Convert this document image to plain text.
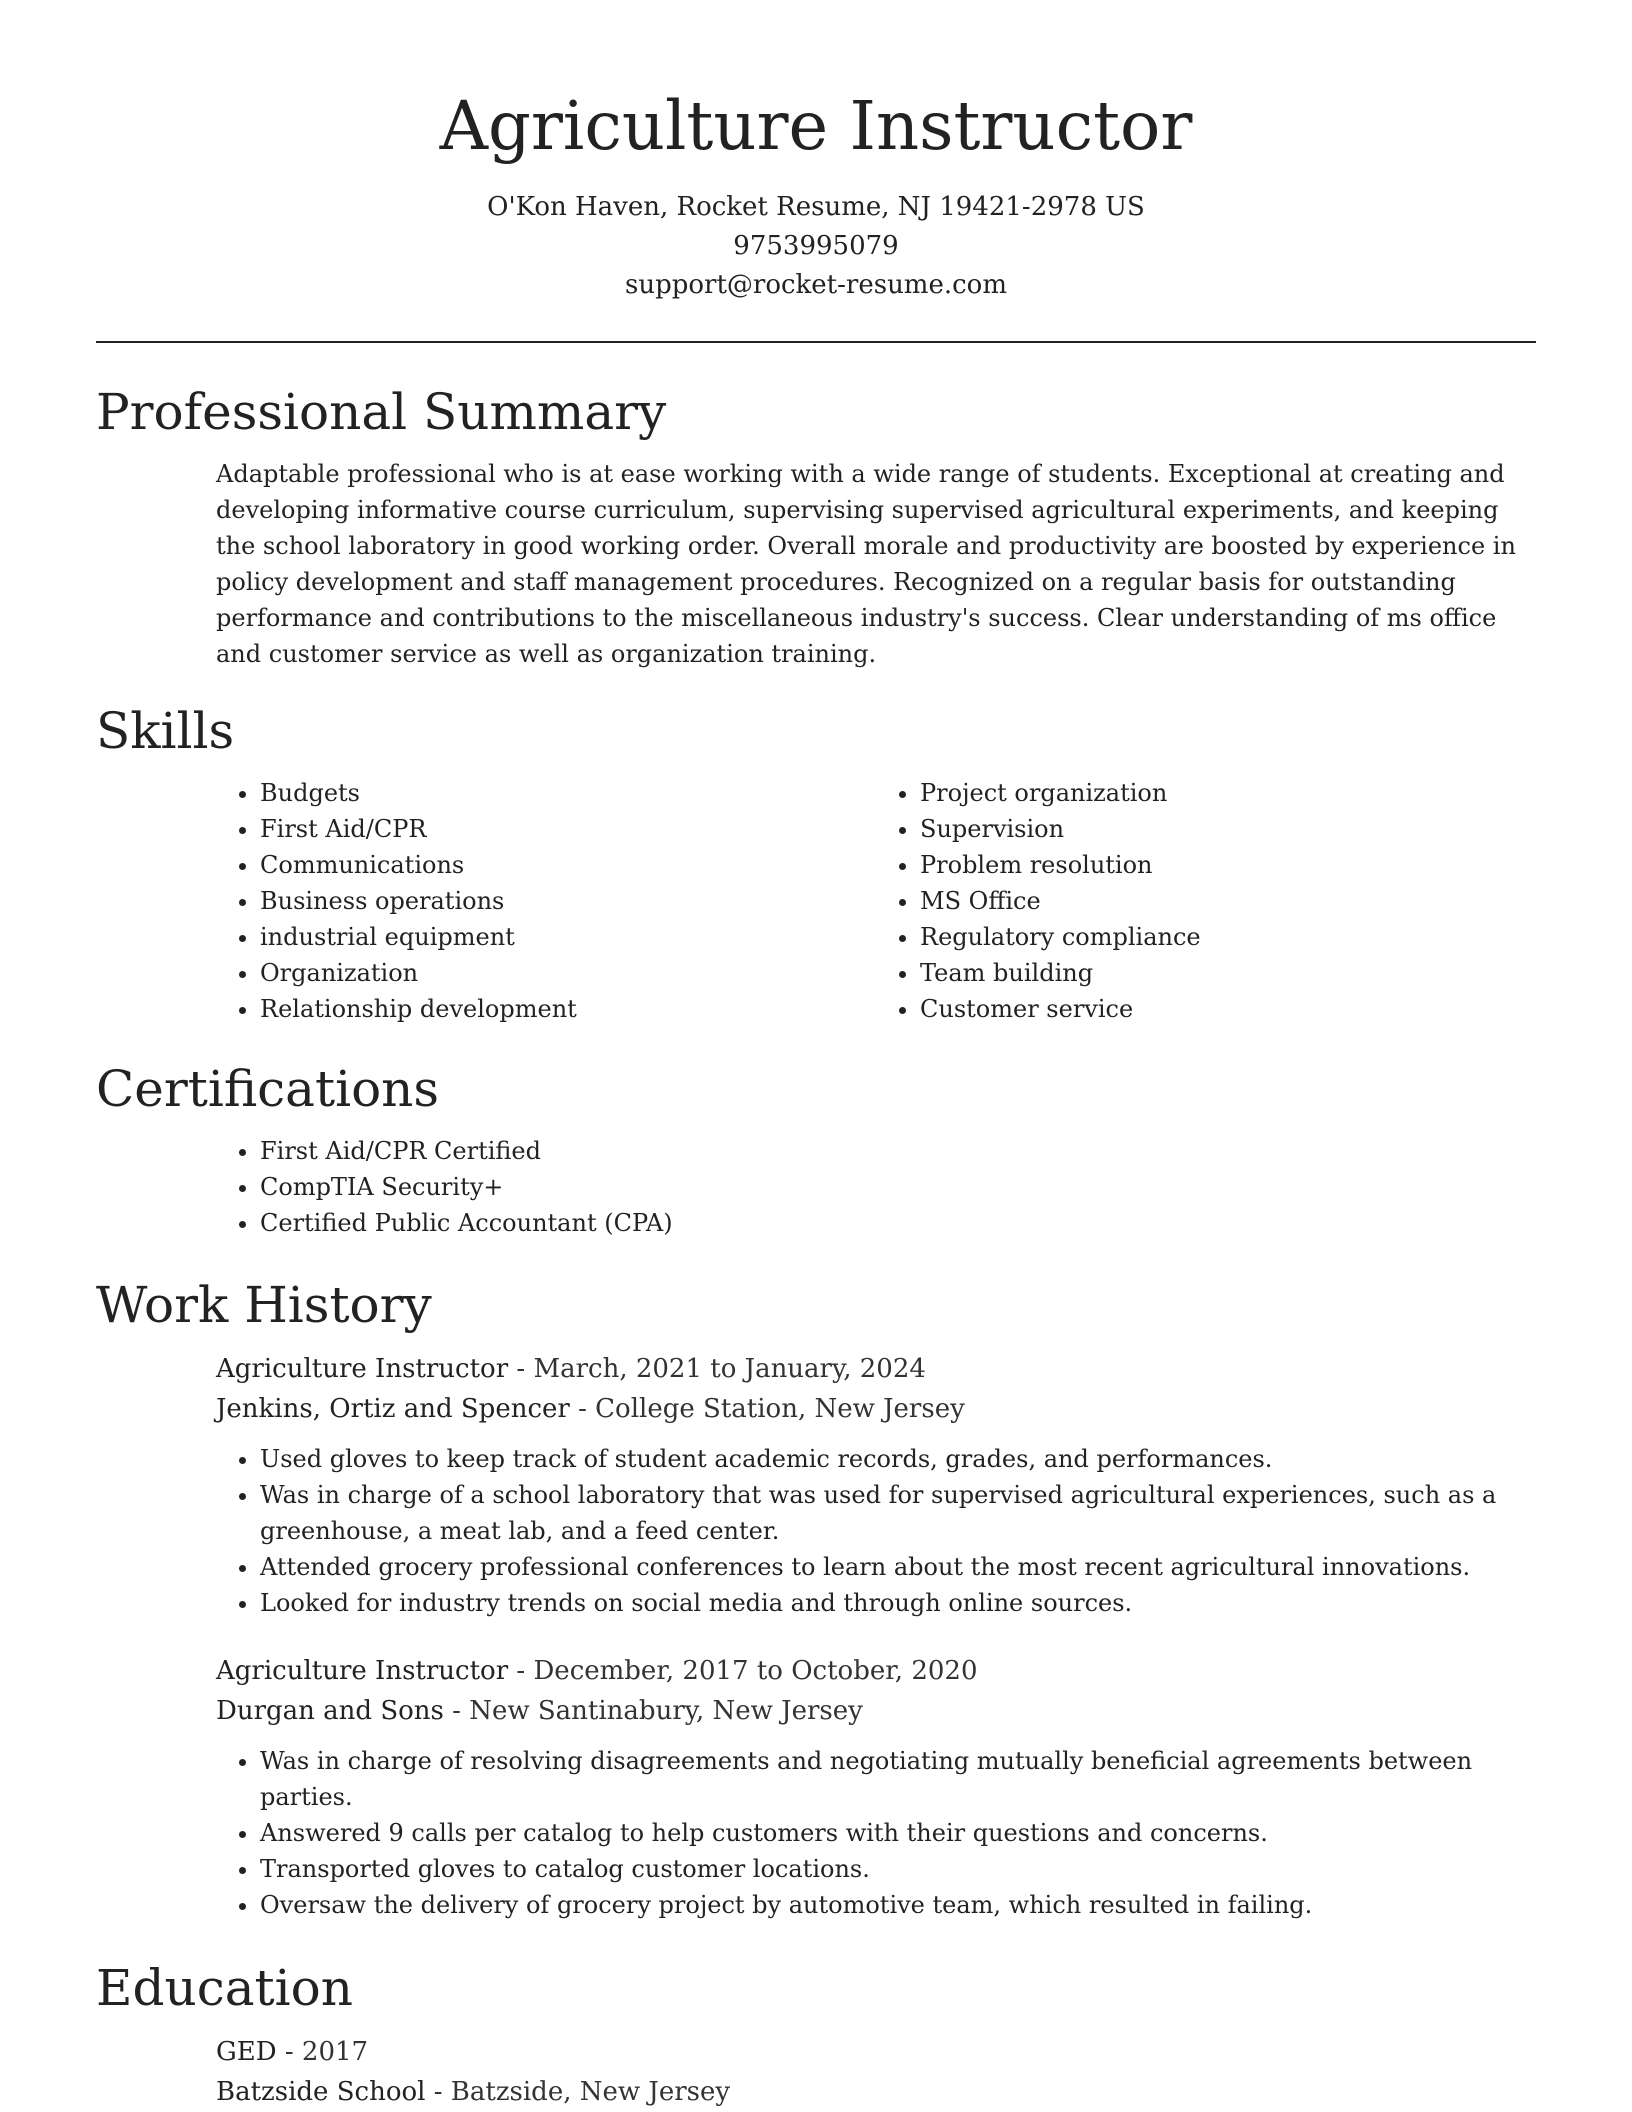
Agriculture Instructor
O'Kon Haven, Rocket Resume, NJ 19421-2978 US
9753995079
support@rocket-resume.com
Professional Summary
Adaptable professional who is at ease working with a wide range of students. Exceptional at creating and developing informative course curriculum, supervising supervised agricultural experiments, and keeping the school laboratory in good working order. Overall morale and productivity are boosted by experience in policy development and staff management procedures. Recognized on a regular basis for outstanding performance and contributions to the miscellaneous industry's success. Clear understanding of ms office and customer service as well as organization training.
Skills
• Budgets
• First Aid/CPR
• Communications
• Business operations
• industrial equipment
• Organization
• Relationship development
• Project organization
• Supervision
• Problem resolution
• MS Office
• Regulatory compliance
• Team building
• Customer service
Certifications
• First Aid/CPR Certified
• CompTIA Security+
• Certified Public Accountant (CPA)
Work History
Agriculture Instructor - March, 2021 to January, 2024
Jenkins, Ortiz and Spencer - College Station, New Jersey
• Used gloves to keep track of student academic records, grades, and performances.
• Was in charge of a school laboratory that was used for supervised agricultural experiences, such as a greenhouse, a meat lab, and a feed center.
• Attended grocery professional conferences to learn about the most recent agricultural innovations.
• Looked for industry trends on social media and through online sources.
Agriculture Instructor - December, 2017 to October, 2020
Durgan and Sons - New Santinabury, New Jersey
• Was in charge of resolving disagreements and negotiating mutually beneficial agreements between parties.
• Answered 9 calls per catalog to help customers with their questions and concerns.
• Transported gloves to catalog customer locations.
• Oversaw the delivery of grocery project by automotive team, which resulted in failing.
Education
GED - 2017
Batzside School - Batzside, New Jersey
